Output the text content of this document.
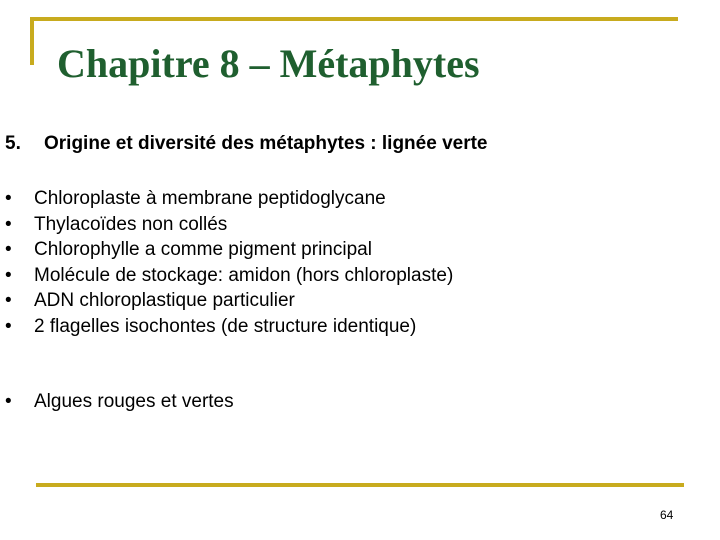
Chapitre 8 – Métaphytes
5. Origine et diversité des métaphytes : lignée verte
• Chloroplaste à membrane peptidoglycane
• Thylacoïdes non collés
• Chlorophylle a comme pigment principal
• Molécule de stockage: amidon (hors chloroplaste)
• ADN chloroplastique particulier
• 2 flagelles isochontes (de structure identique)
• Algues rouges et vertes
64
